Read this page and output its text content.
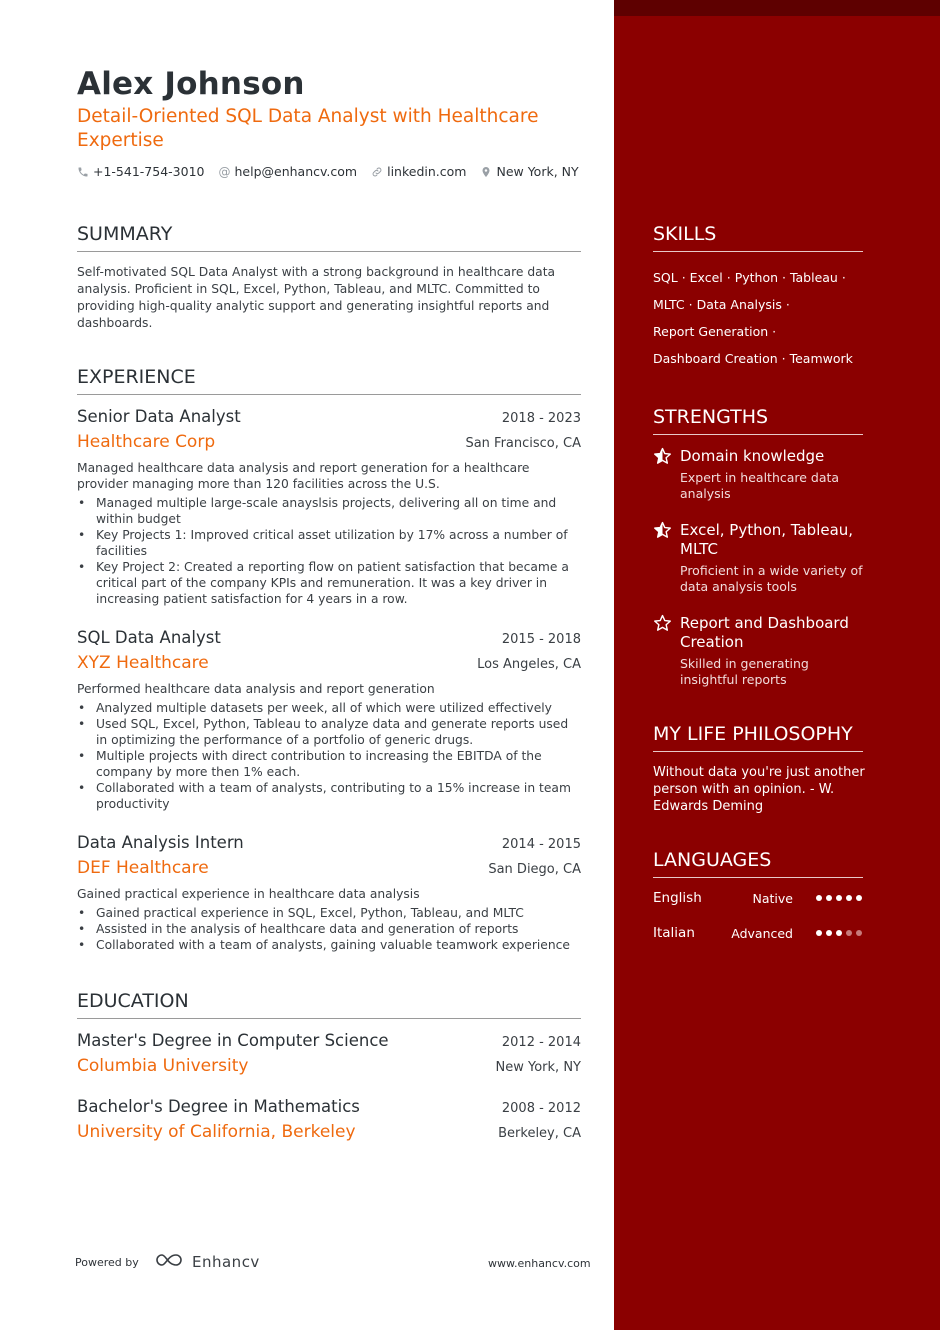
Alex Johnson
Detail-Oriented SQL Data Analyst with Healthcare Expertise
+1-541-754-3010 @ help@enhancv.com linkedin.com New York, NY
SUMMARY
Self-motivated SQL Data Analyst with a strong background in healthcare data analysis. Proficient in SQL, Excel, Python, Tableau, and MLTC. Committed to providing high-quality analytic support and generating insightful reports and dashboards.
EXPERIENCE
Senior Data Analyst	2018 - 2023
Healthcare Corp	San Francisco, CA
Managed healthcare data analysis and report generation for a healthcare provider managing more than 120 facilities across the U.S.
• Managed multiple large-scale anayslsis projects, delivering all on time and within budget
• Key Projects 1: Improved critical asset utilization by 17% across a number of facilities
• Key Project 2: Created a reporting flow on patient satisfaction that became a critical part of the company KPIs and remuneration. It was a key driver in increasing patient satisfaction for 4 years in a row.
SQL Data Analyst	2015 - 2018
XYZ Healthcare	Los Angeles, CA
Performed healthcare data analysis and report generation
• Analyzed multiple datasets per week, all of which were utilized effectively
• Used SQL, Excel, Python, Tableau to analyze data and generate reports used in optimizing the performance of a portfolio of generic drugs.
• Multiple projects with direct contribution to increasing the EBITDA of the company by more then 1% each.
• Collaborated with a team of analysts, contributing to a 15% increase in team productivity
Data Analysis Intern	2014 - 2015
DEF Healthcare	San Diego, CA
Gained practical experience in healthcare data analysis
• Gained practical experience in SQL, Excel, Python, Tableau, and MLTC
• Assisted in the analysis of healthcare data and generation of reports
• Collaborated with a team of analysts, gaining valuable teamwork experience
EDUCATION
Master's Degree in Computer Science	2012 - 2014
Columbia University	New York, NY
Bachelor's Degree in Mathematics	2008 - 2012
University of California, Berkeley	Berkeley, CA
Powered by	Enhancv	www.enhancv.com
SKILLS
SQL · Excel · Python · Tableau ·
MLTC · Data Analysis ·
Report Generation ·
Dashboard Creation · Teamwork
STRENGTHS
Domain knowledge
Expert in healthcare data analysis
Excel, Python, Tableau, MLTC
Proficient in a wide variety of data analysis tools
Report and Dashboard Creation
Skilled in generating insightful reports
MY LIFE PHILOSOPHY
Without data you're just another person with an opinion. - W. Edwards Deming
LANGUAGES
English	Native
Italian	Advanced
